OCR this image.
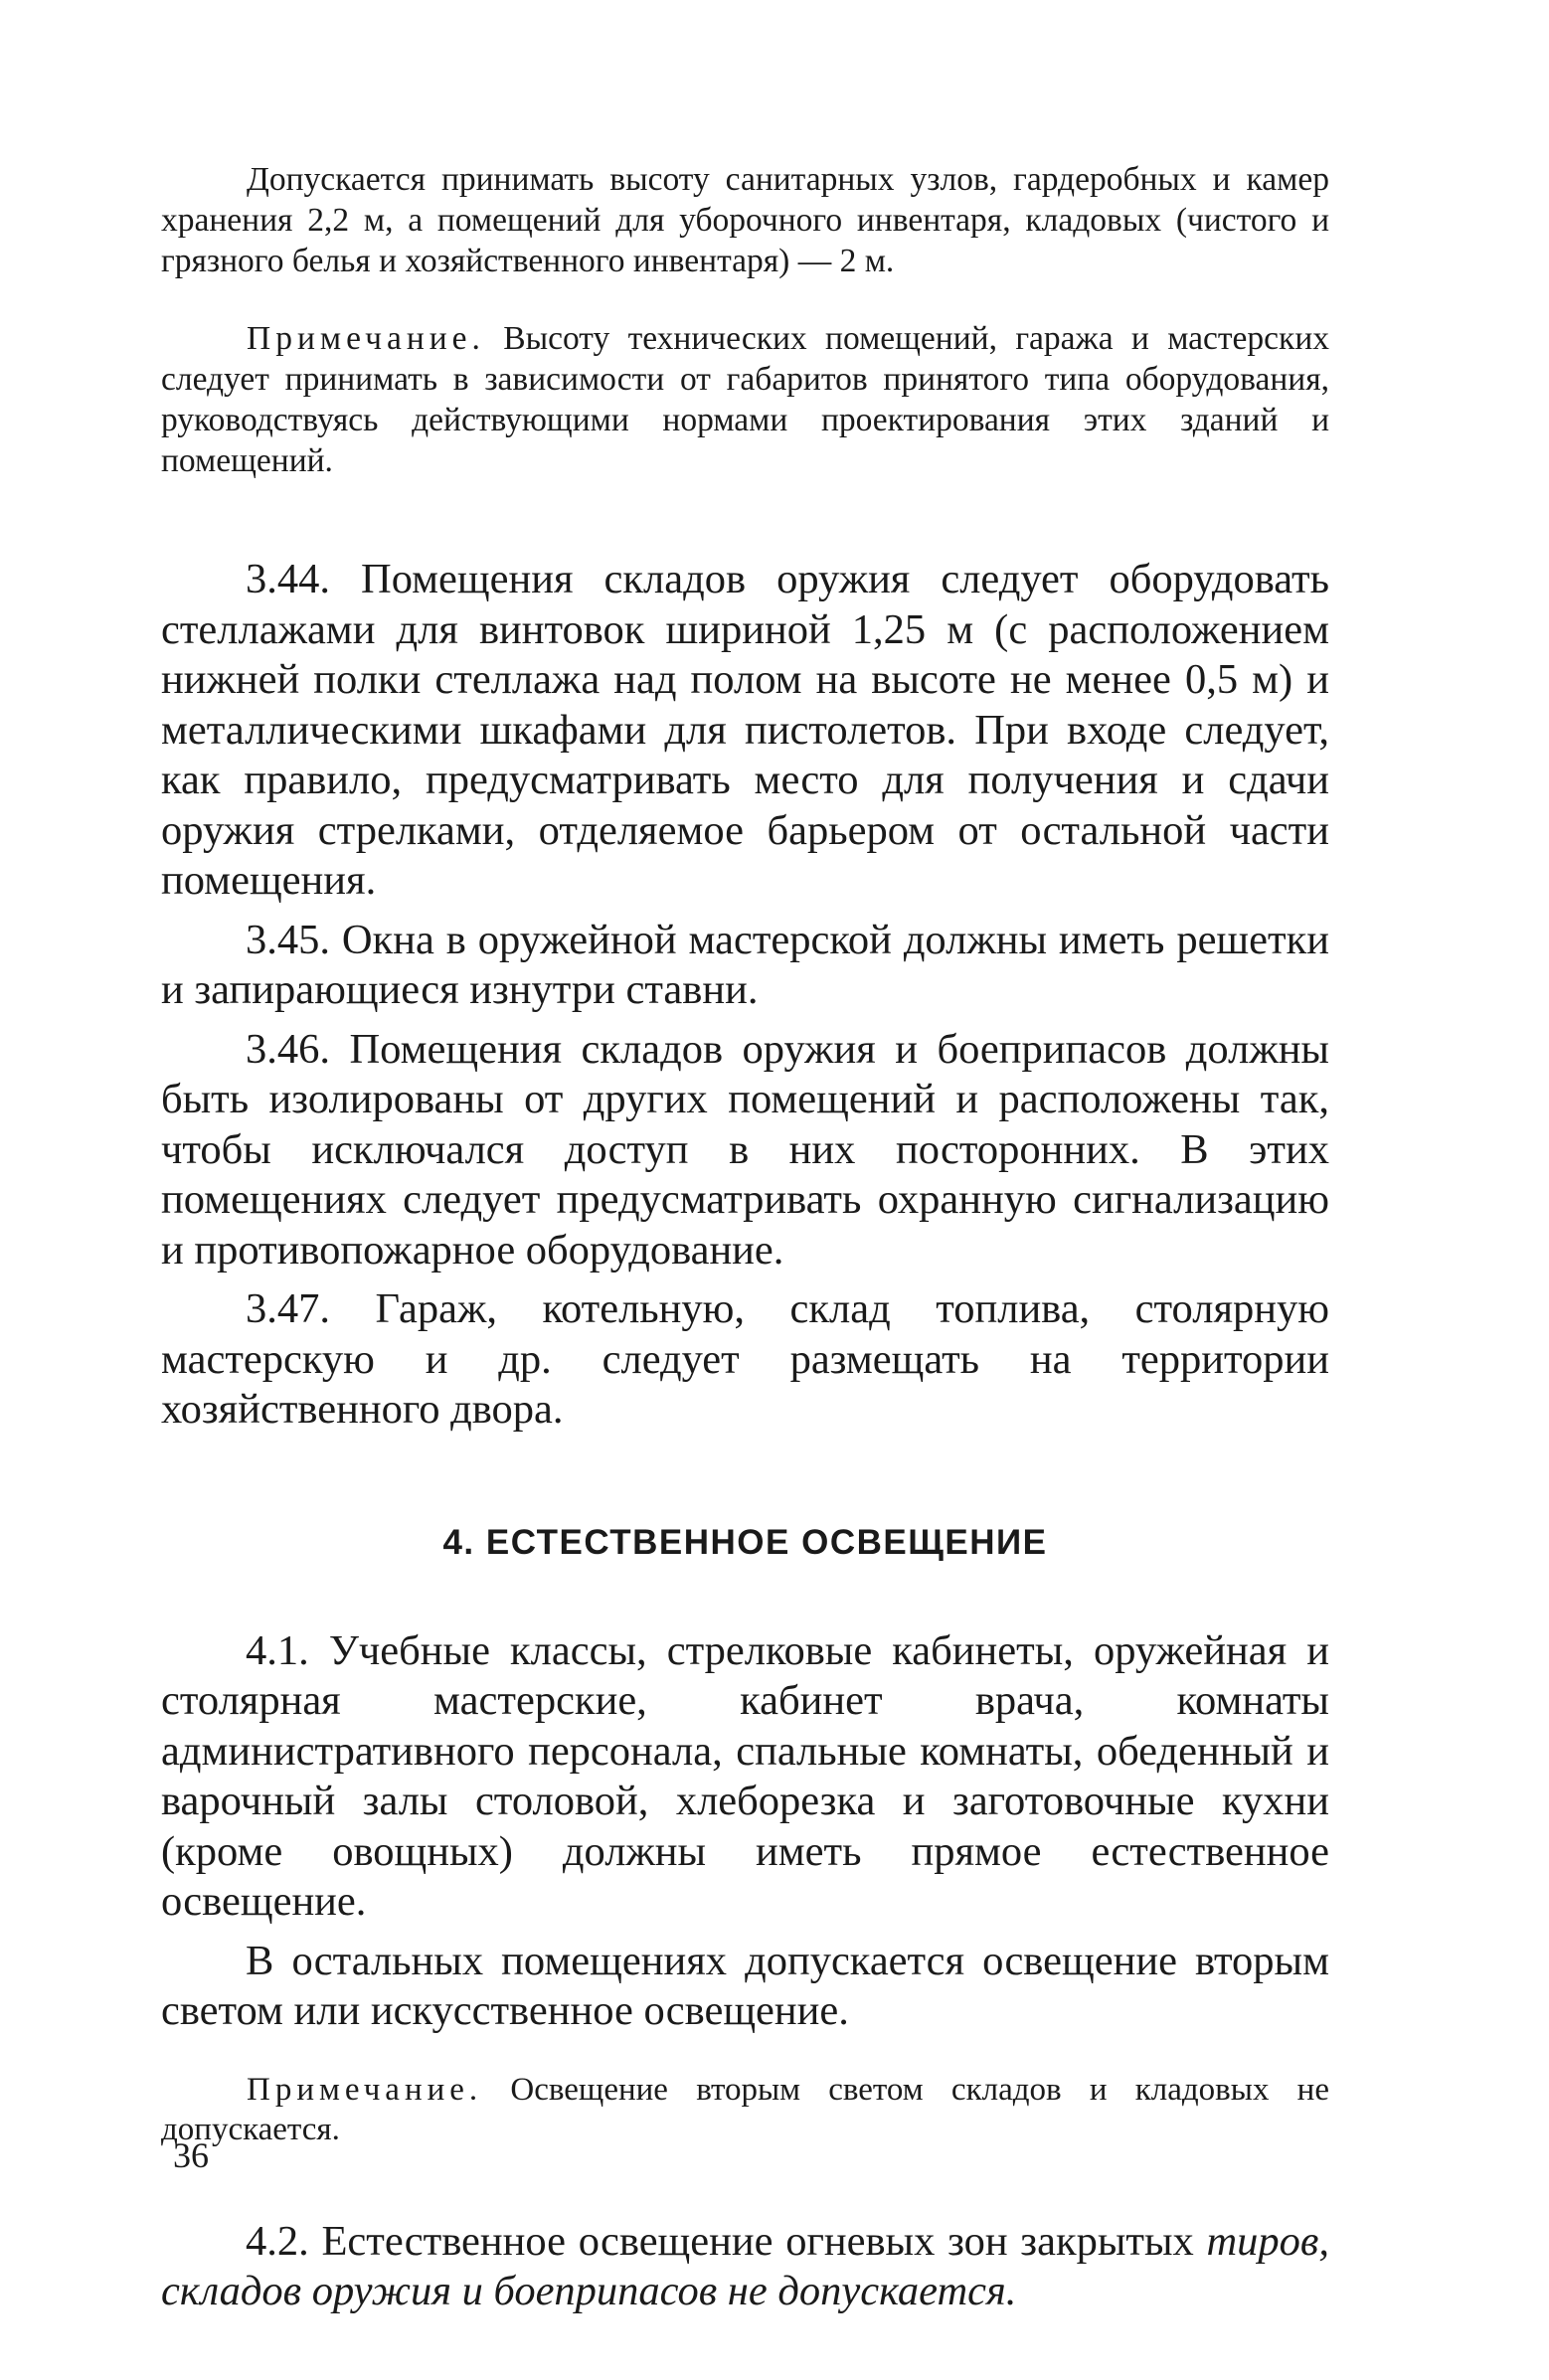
Допускается принимать высоту санитарных узлов, гардеробных и камер хранения 2,2 м, а помещений для уборочного инвентаря, кладовых (чистого и грязного белья и хозяйственного инвентаря) — 2 м.

Примечание. Высоту технических помещений, гаража и мастерских следует принимать в зависимости от габаритов принятого типа оборудования, руководствуясь действующими нормами проектирования этих зданий и помещений.

3.44. Помещения складов оружия следует оборудовать стеллажами для винтовок шириной 1,25 м (с расположением нижней полки стеллажа над полом на высоте не менее 0,5 м) и металлическими шкафами для пистолетов. При входе следует, как правило, предусматривать место для получения и сдачи оружия стрелками, отделяемое барьером от остальной части помещения.

3.45. Окна в оружейной мастерской должны иметь решетки и запирающиеся изнутри ставни.

3.46. Помещения складов оружия и боеприпасов должны быть изолированы от других помещений и расположены так, чтобы исключался доступ в них посторонних. В этих помещениях следует предусматривать охранную сигнализацию и противопожарное оборудование.

3.47. Гараж, котельную, склад топлива, столярную мастерскую и др. следует размещать на территории хозяйственного двора.

4. ЕСТЕСТВЕННОЕ ОСВЕЩЕНИЕ

4.1. Учебные классы, стрелковые кабинеты, оружейная и столярная мастерские, кабинет врача, комнаты административного персонала, спальные комнаты, обеденный и варочный залы столовой, хлеборезка и заготовочные кухни (кроме овощных) должны иметь прямое естественное освещение.

В остальных помещениях допускается освещение вторым светом или искусственное освещение.

Примечание. Освещение вторым светом складов и кладовых не допускается.

4.2. Естественное освещение огневых зон закрытых тиров, складов оружия и боеприпасов не допускается.

36
